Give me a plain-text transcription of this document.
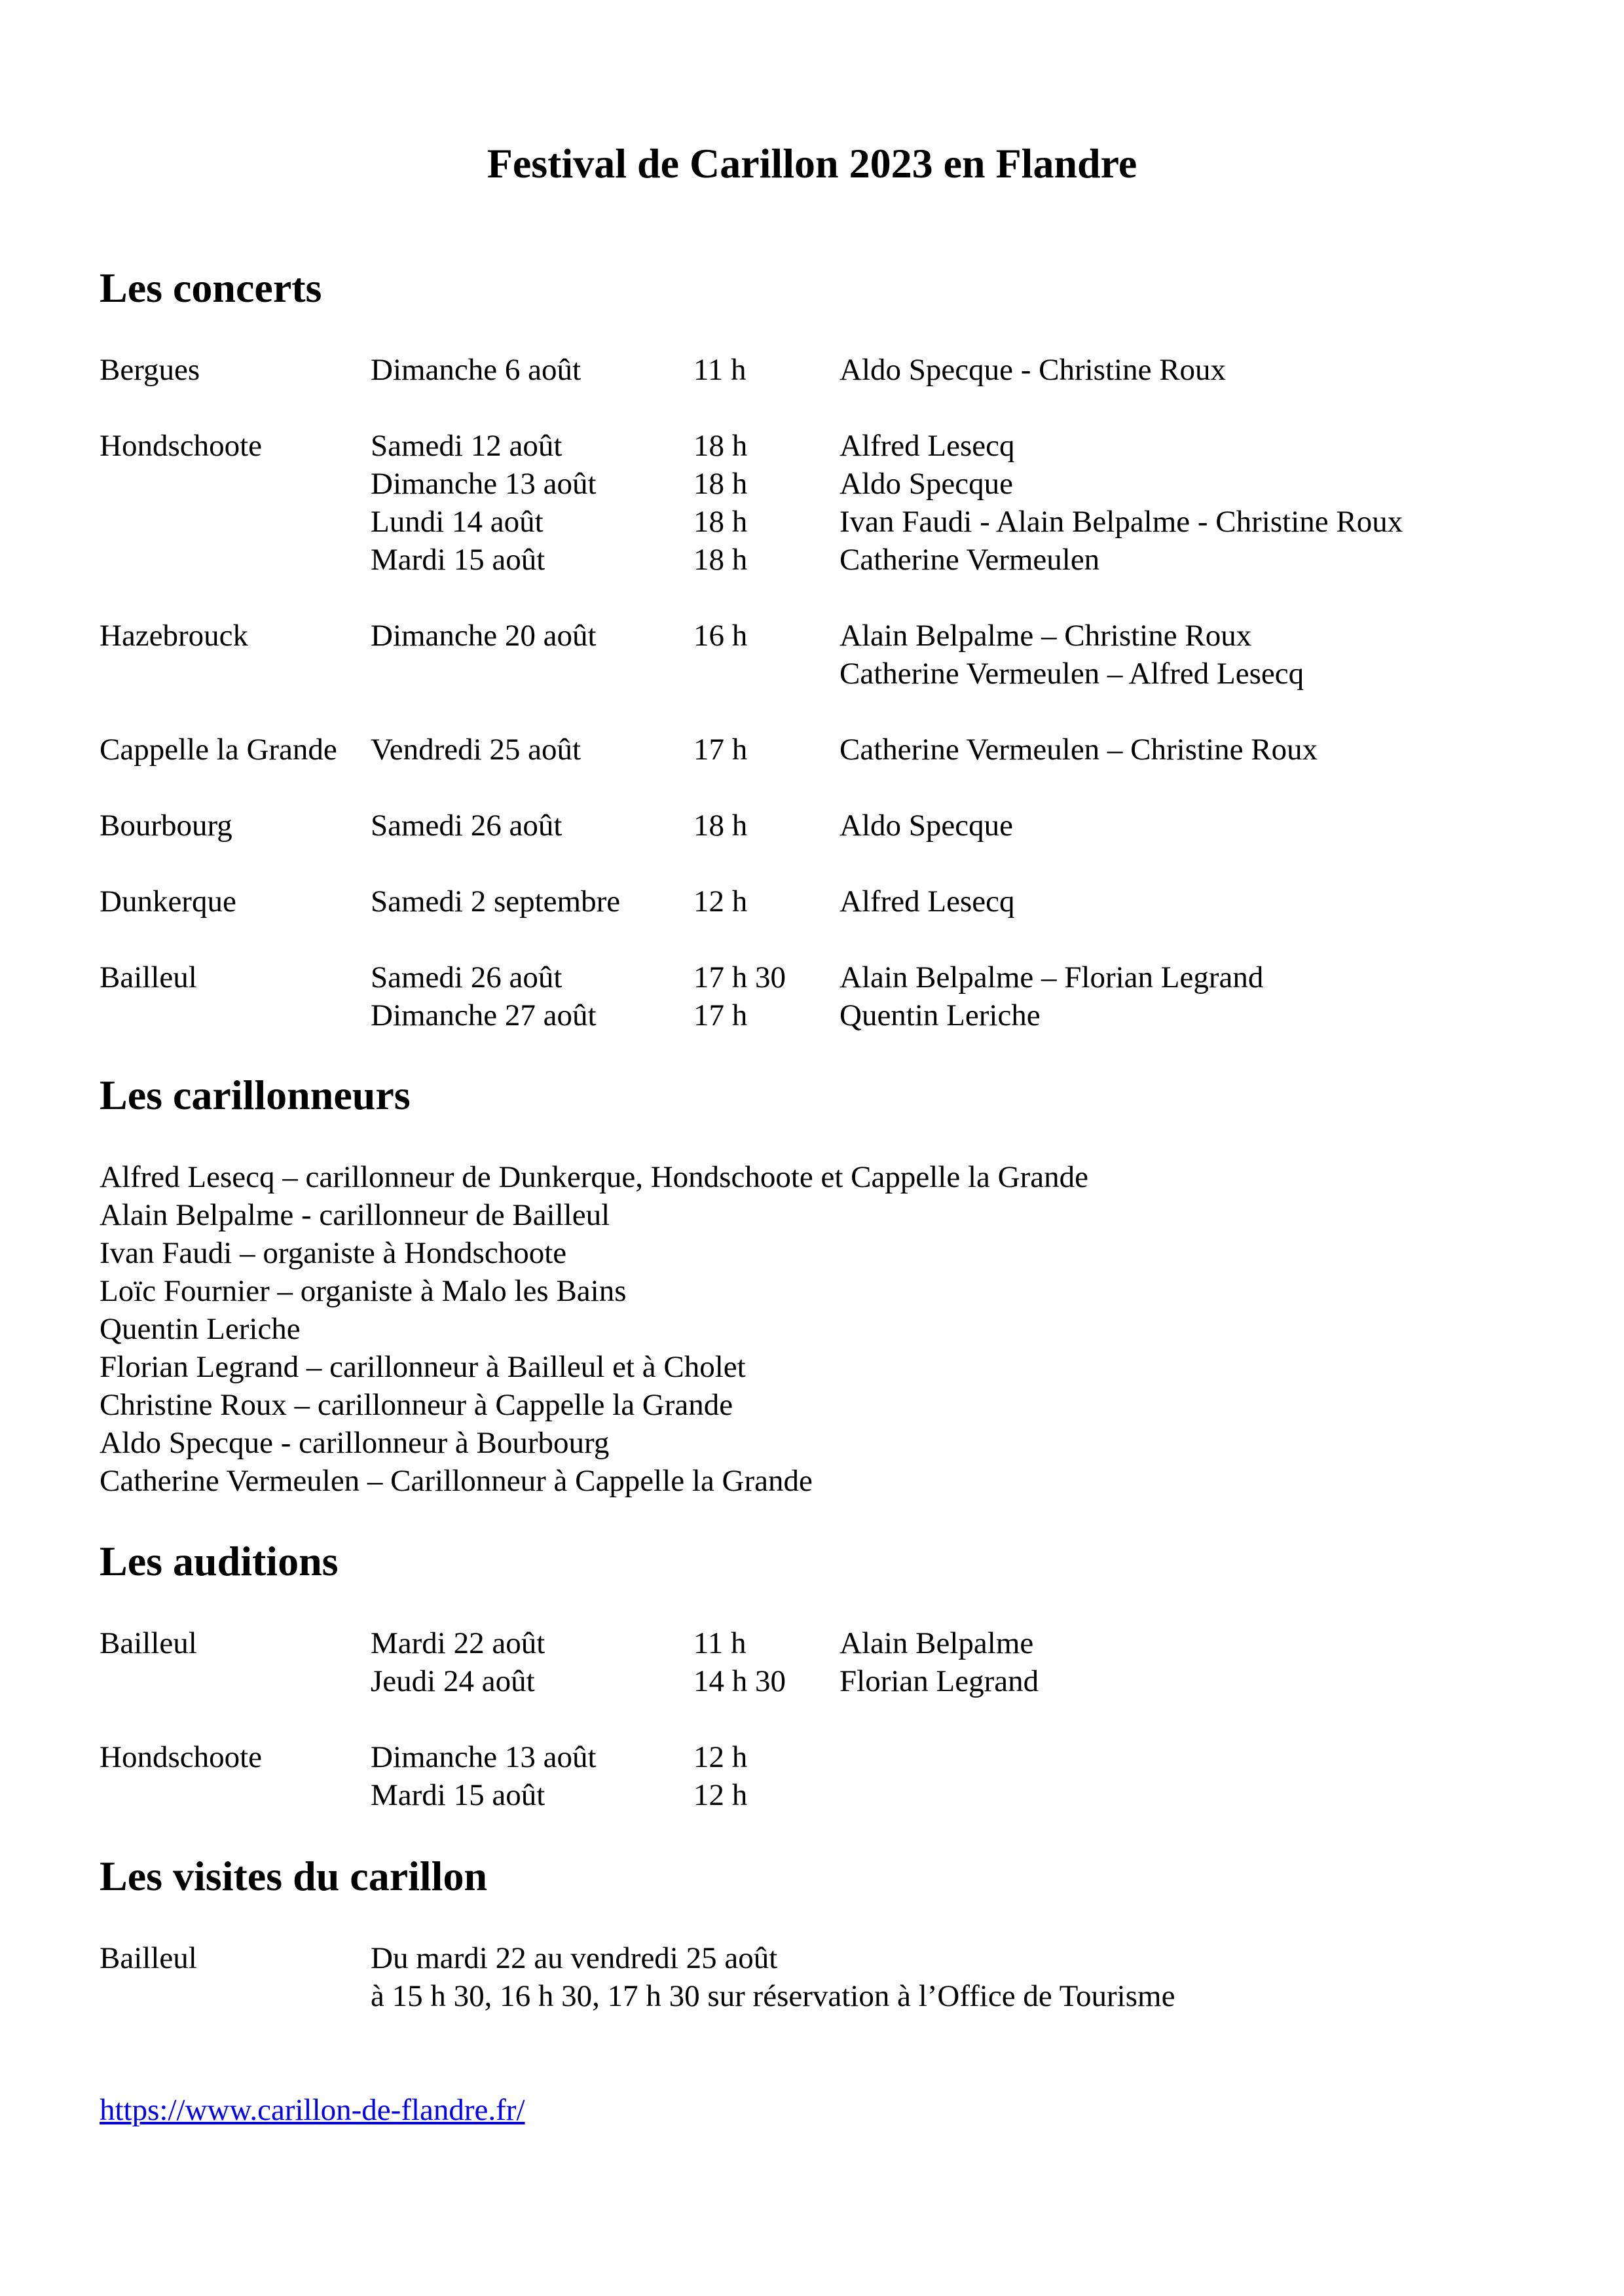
Festival de Carillon 2023 en Flandre
Les concerts
Bergues	Dimanche 6 août	11 h	Aldo Specque - Christine Roux
Hondschoote	Samedi 12 août	18 h	Alfred Lesecq
Dimanche 13 août	18 h	Aldo Specque
Lundi 14 août	18 h	Ivan Faudi - Alain Belpalme - Christine Roux
Mardi 15 août	18 h	Catherine Vermeulen
Hazebrouck	Dimanche 20 août	16 h	Alain Belpalme – Christine Roux
Catherine Vermeulen – Alfred Lesecq
Cappelle la Grande Vendredi 25 août	17 h	Catherine Vermeulen – Christine Roux
Bourbourg	Samedi 26 août	18 h	Aldo Specque
Dunkerque	Samedi 2 septembre 12 h	Alfred Lesecq
Bailleul	Samedi 26 août	17 h 30 Alain Belpalme – Florian Legrand
Dimanche 27 août	17 h	Quentin Leriche
Les carillonneurs
Alfred Lesecq – carillonneur de Dunkerque, Hondschoote et Cappelle la Grande
Alain Belpalme - carillonneur de Bailleul
Ivan Faudi – organiste à Hondschoote
Loïc Fournier – organiste à Malo les Bains
Quentin Leriche
Florian Legrand – carillonneur à Bailleul et à Cholet
Christine Roux – carillonneur à Cappelle la Grande
Aldo Specque - carillonneur à Bourbourg
Catherine Vermeulen – Carillonneur à Cappelle la Grande
Les auditions
Bailleul	Mardi 22 août	11 h	Alain Belpalme
Jeudi 24 août	14 h 30 Florian Legrand
Hondschoote	Dimanche 13 août	12 h
Mardi 15 août	12 h
Les visites du carillon
Bailleul	Du mardi 22 au vendredi 25 août
à 15 h 30, 16 h 30, 17 h 30 sur réservation à l’Office de Tourisme
https://www.carillon-de-flandre.fr/
